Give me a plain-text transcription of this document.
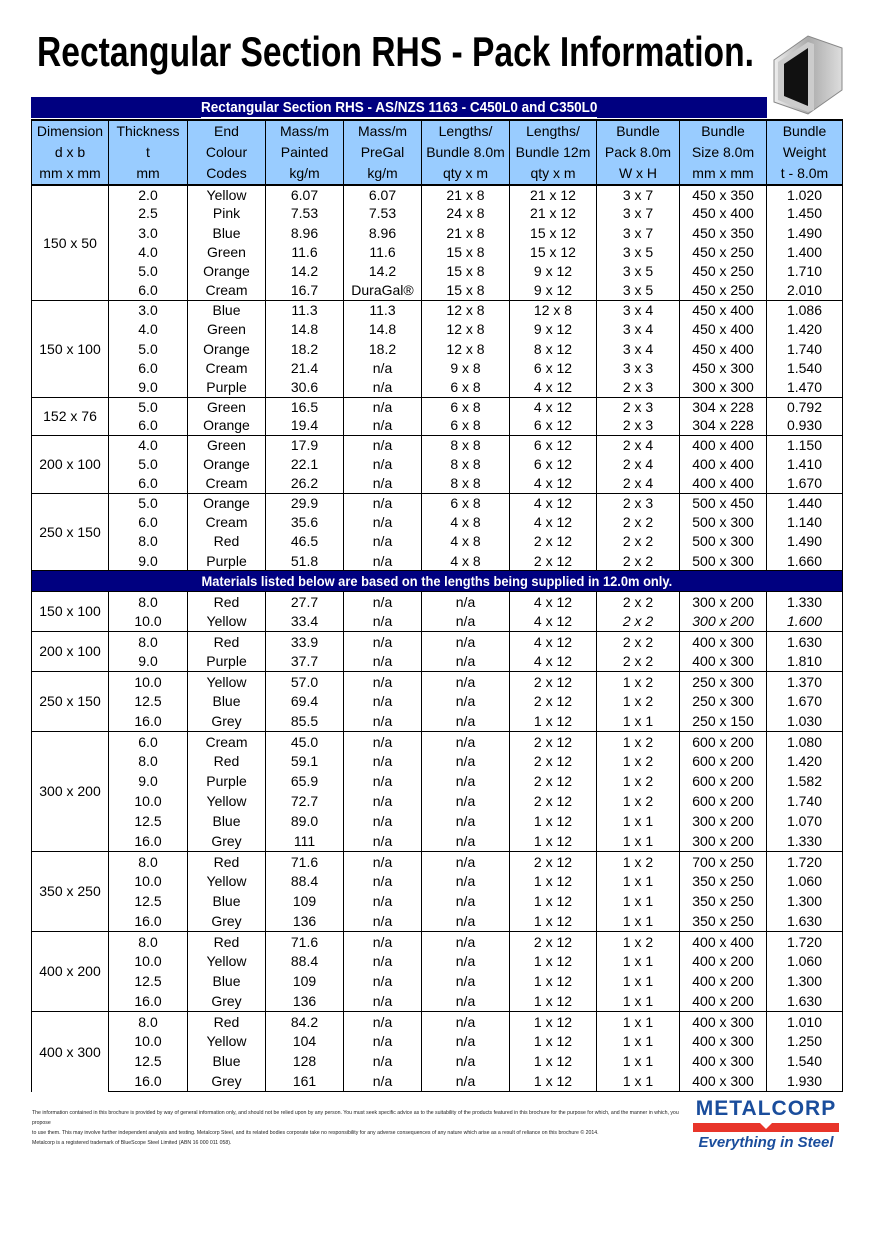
Rectangular Section RHS - Pack Information.
Rectangular Section RHS - AS/NZS 1163 - C450L0 and C350L0
Dimension	Thickness	End	Mass/m	Mass/m	Lengths/	Lengths/	Bundle	Bundle	Bundle
d x b	t	Colour	Painted	PreGal	Bundle 8.0m	Bundle 12m	Pack 8.0m	Size 8.0m	Weight
mm x mm	mm	Codes	kg/m	kg/m	qty x m	qty x m	W x H	mm x mm	t - 8.0m
150 x 50	2.0	Yellow	6.07	6.07	21 x 8	21 x 12	3 x 7	450 x 350	1.020
	2.5	Pink	7.53	7.53	24 x 8	21 x 12	3 x 7	450 x 400	1.450
	3.0	Blue	8.96	8.96	21 x 8	15 x 12	3 x 7	450 x 350	1.490
	4.0	Green	11.6	11.6	15 x 8	15 x 12	3 x 5	450 x 250	1.400
	5.0	Orange	14.2	14.2	15 x 8	9 x 12	3 x 5	450 x 250	1.710
	6.0	Cream	16.7	DuraGal®	15 x 8	9 x 12	3 x 5	450 x 250	2.010
150 x 100	3.0	Blue	11.3	11.3	12 x 8	12 x 8	3 x 4	450 x 400	1.086
	4.0	Green	14.8	14.8	12 x 8	9 x 12	3 x 4	450 x 400	1.420
	5.0	Orange	18.2	18.2	12 x 8	8 x 12	3 x 4	450 x 400	1.740
	6.0	Cream	21.4	n/a	9 x 8	6 x 12	3 x 3	450 x 300	1.540
	9.0	Purple	30.6	n/a	6 x 8	4 x 12	2 x 3	300 x 300	1.470
152 x 76	5.0	Green	16.5	n/a	6 x 8	4 x 12	2 x 3	304 x 228	0.792
	6.0	Orange	19.4	n/a	6 x 8	6 x 12	2 x 3	304 x 228	0.930
200 x 100	4.0	Green	17.9	n/a	8 x 8	6 x 12	2 x 4	400 x 400	1.150
	5.0	Orange	22.1	n/a	8 x 8	6 x 12	2 x 4	400 x 400	1.410
	6.0	Cream	26.2	n/a	8 x 8	4 x 12	2 x 4	400 x 400	1.670
250 x 150	5.0	Orange	29.9	n/a	6 x 8	4 x 12	2 x 3	500 x 450	1.440
	6.0	Cream	35.6	n/a	4 x 8	4 x 12	2 x 2	500 x 300	1.140
	8.0	Red	46.5	n/a	4 x 8	2 x 12	2 x 2	500 x 300	1.490
	9.0	Purple	51.8	n/a	4 x 8	2 x 12	2 x 2	500 x 300	1.660
Materials listed below are based on the lengths being supplied in 12.0m only.									
150 x 100	8.0	Red	27.7	n/a	n/a	4 x 12	2 x 2	300 x 200	1.330
	10.0	Yellow	33.4	n/a	n/a	4 x 12	2 x 2	300 x 200	1.600
200 x 100	8.0	Red	33.9	n/a	n/a	4 x 12	2 x 2	400 x 300	1.630
	9.0	Purple	37.7	n/a	n/a	4 x 12	2 x 2	400 x 300	1.810
250 x 150	10.0	Yellow	57.0	n/a	n/a	2 x 12	1 x 2	250 x 300	1.370
	12.5	Blue	69.4	n/a	n/a	2 x 12	1 x 2	250 x 300	1.670
	16.0	Grey	85.5	n/a	n/a	1 x 12	1 x 1	250 x 150	1.030
300 x 200	6.0	Cream	45.0	n/a	n/a	2 x 12	1 x 2	600 x 200	1.080
	8.0	Red	59.1	n/a	n/a	2 x 12	1 x 2	600 x 200	1.420
	9.0	Purple	65.9	n/a	n/a	2 x 12	1 x 2	600 x 200	1.582
	10.0	Yellow	72.7	n/a	n/a	2 x 12	1 x 2	600 x 200	1.740
	12.5	Blue	89.0	n/a	n/a	1 x 12	1 x 1	300 x 200	1.070
	16.0	Grey	111	n/a	n/a	1 x 12	1 x 1	300 x 200	1.330
350 x 250	8.0	Red	71.6	n/a	n/a	2 x 12	1 x 2	700 x 250	1.720
	10.0	Yellow	88.4	n/a	n/a	1 x 12	1 x 1	350 x 250	1.060
	12.5	Blue	109	n/a	n/a	1 x 12	1 x 1	350 x 250	1.300
	16.0	Grey	136	n/a	n/a	1 x 12	1 x 1	350 x 250	1.630
400 x 200	8.0	Red	71.6	n/a	n/a	2 x 12	1 x 2	400 x 400	1.720
	10.0	Yellow	88.4	n/a	n/a	1 x 12	1 x 1	400 x 200	1.060
	12.5	Blue	109	n/a	n/a	1 x 12	1 x 1	400 x 200	1.300
	16.0	Grey	136	n/a	n/a	1 x 12	1 x 1	400 x 200	1.630
400 x 300	8.0	Red	84.2	n/a	n/a	1 x 12	1 x 1	400 x 300	1.010
	10.0	Yellow	104	n/a	n/a	1 x 12	1 x 1	400 x 300	1.250
	12.5	Blue	128	n/a	n/a	1 x 12	1 x 1	400 x 300	1.540
	16.0	Grey	161	n/a	n/a	1 x 12	1 x 1	400 x 300	1.930
The information contained in this brochure is provided by way of general information only, and should not be relied upon by any person. You must seek specific advice as to the suitability of the products featured in this brochure for the purpose for which, and the manner in which, you propose
to use them. This may involve further independent analysis and testing. Metalcorp Steel, and its related bodies corporate take no responsibility for any adverse consequences of any nature which arise as a result of reliance on this brochure © 2014.
Metalcorp is a registered trademark of BlueScope Steel Limited (ABN 16 000 011 058).
METALCORP
Everything in Steel
